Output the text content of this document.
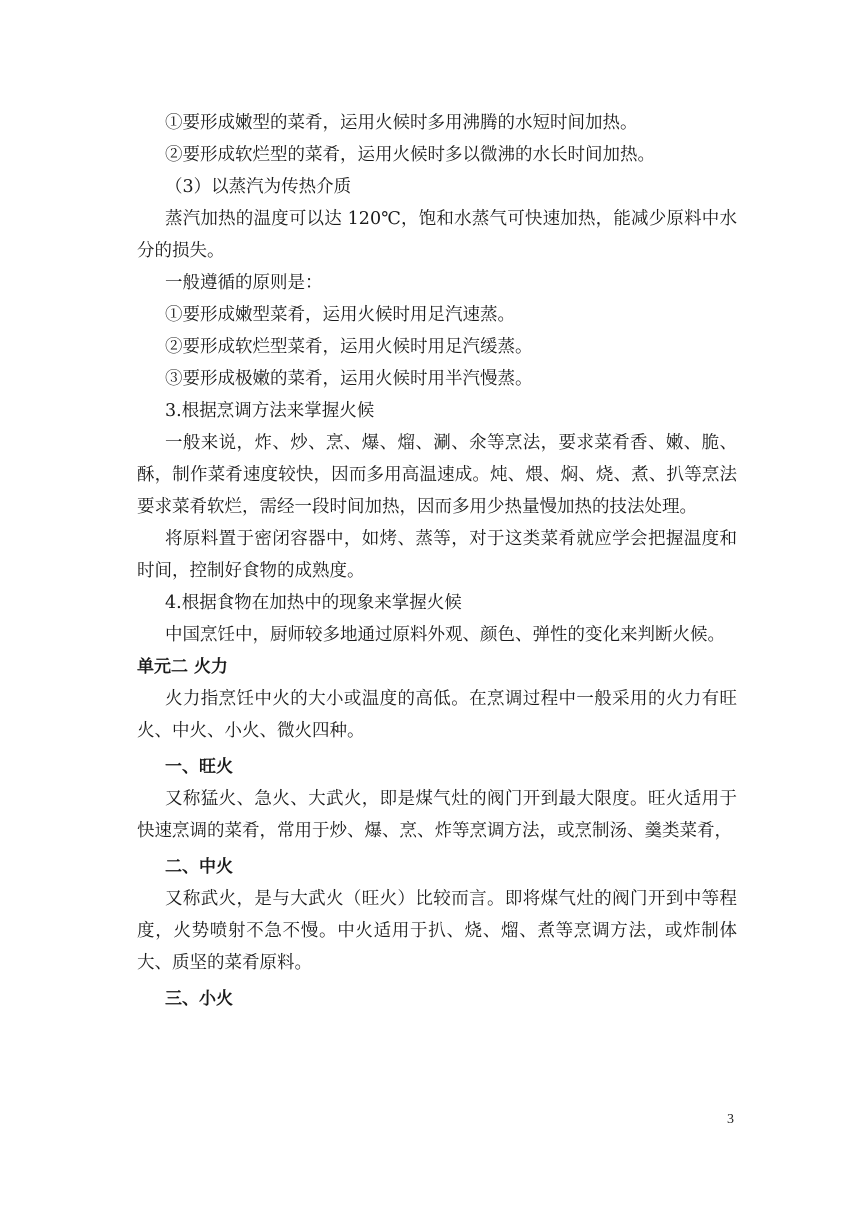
①要形成嫩型的菜肴，运用火候时多用沸腾的水短时间加热。

②要形成软烂型的菜肴，运用火候时多以微沸的水长时间加热。

（3）以蒸汽为传热介质

蒸汽加热的温度可以达 120℃，饱和水蒸气可快速加热，能减少原料中水分的损失。

一般遵循的原则是：

①要形成嫩型菜肴，运用火候时用足汽速蒸。

②要形成软烂型菜肴，运用火候时用足汽缓蒸。

③要形成极嫩的菜肴，运用火候时用半汽慢蒸。

3.根据烹调方法来掌握火候

一般来说，炸、炒、烹、爆、熘、涮、氽等烹法，要求菜肴香、嫩、脆、酥，制作菜肴速度较快，因而多用高温速成。炖、煨、焖、烧、煮、扒等烹法要求菜肴软烂，需经一段时间加热，因而多用少热量慢加热的技法处理。

将原料置于密闭容器中，如烤、蒸等，对于这类菜肴就应学会把握温度和时间，控制好食物的成熟度。

4.根据食物在加热中的现象来掌握火候

中国烹饪中，厨师较多地通过原料外观、颜色、弹性的变化来判断火候。

单元二 火力

火力指烹饪中火的大小或温度的高低。在烹调过程中一般采用的火力有旺火、中火、小火、微火四种。

一、旺火

又称猛火、急火、大武火，即是煤气灶的阀门开到最大限度。旺火适用于快速烹调的菜肴，常用于炒、爆、烹、炸等烹调方法，或烹制汤、羹类菜肴，

二、中火

又称武火，是与大武火（旺火）比较而言。即将煤气灶的阀门开到中等程度，火势喷射不急不慢。中火适用于扒、烧、熘、煮等烹调方法，或炸制体大、质坚的菜肴原料。

三、小火

3
